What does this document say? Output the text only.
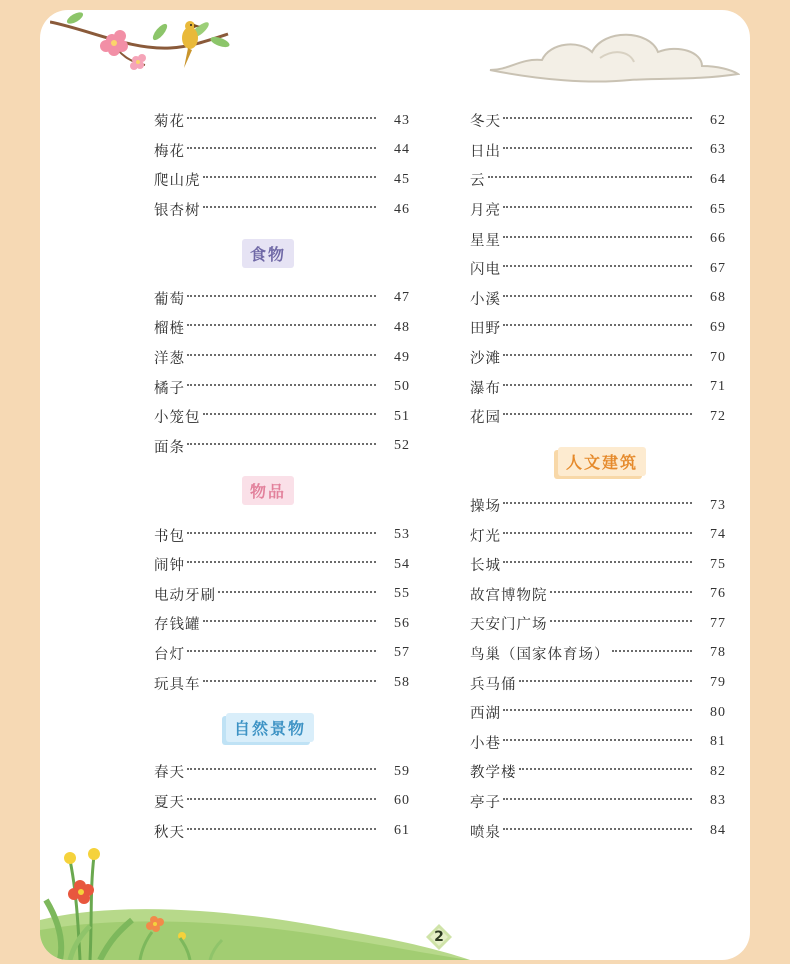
菊花	43
梅花	44
爬山虎	45
银杏树	46
食物
葡萄	47
榴梿	48
洋葱	49
橘子	50
小笼包	51
面条	52
物品
书包	53
闹钟	54
电动牙刷	55
存钱罐	56
台灯	57
玩具车	58
自然景物
春天	59
夏天	60
秋天	61
冬天	62
日出	63
云	64
月亮	65
星星	66
闪电	67
小溪	68
田野	69
沙滩	70
瀑布	71
花园	72
人文建筑
操场	73
灯光	74
长城	75
故宫博物院	76
天安门广场	77
鸟巢（国家体育场）	78
兵马俑	79
西湖	80
小巷	81
教学楼	82
亭子	83
喷泉	84
2
